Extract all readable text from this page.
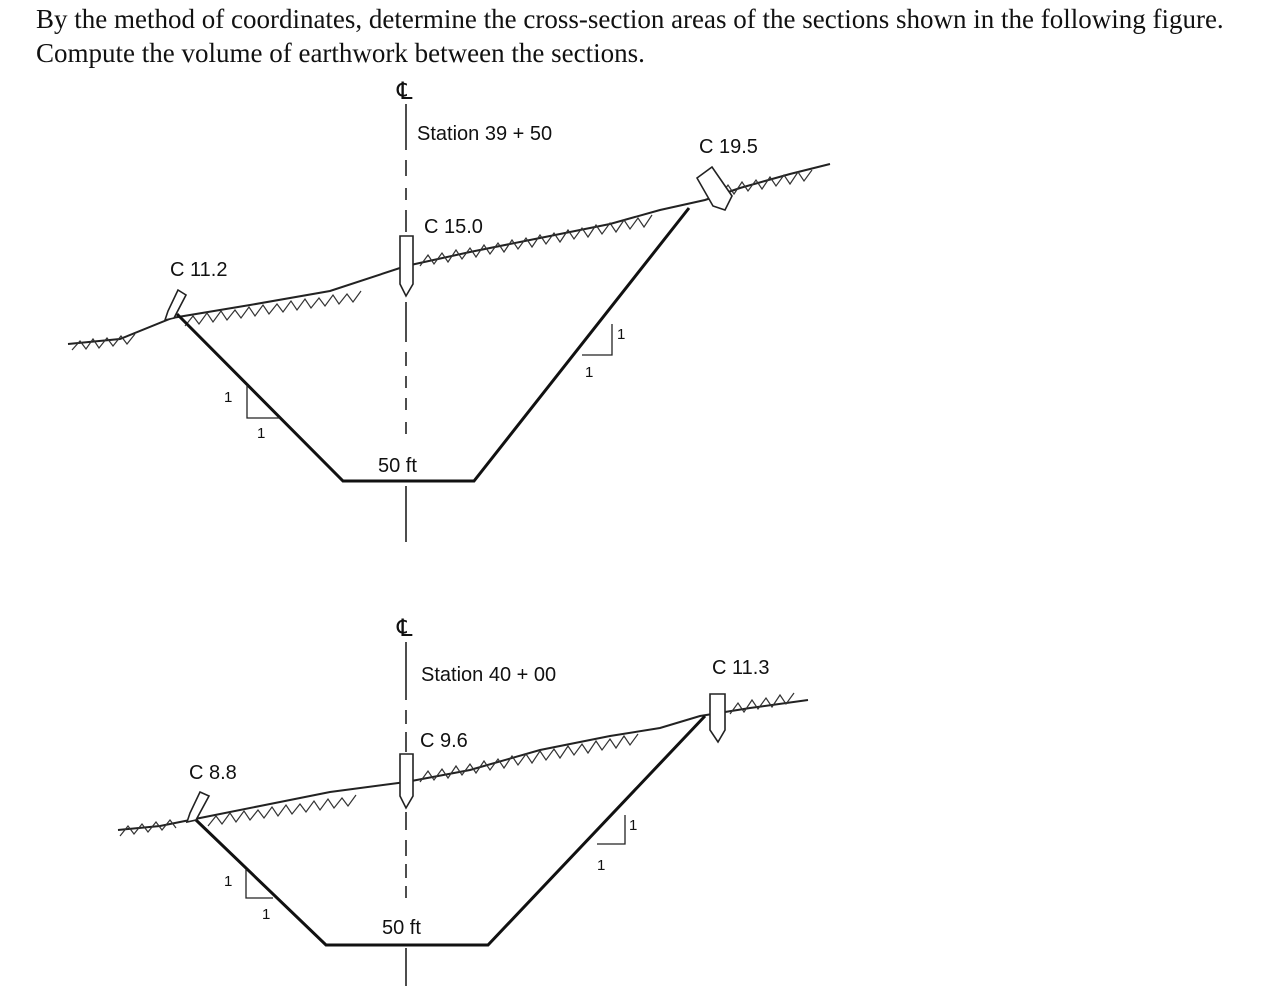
By the method of coordinates, determine the cross-section areas of the sections shown in the following figure. Compute the volume of earthwork between the sections.
℄
Station 39 + 50
C 11.2
C 15.0
C 19.5
50 ft
1
1
1
1
℄
Station 40 + 00
C 8.8
C 9.6
C 11.3
50 ft
1
1
1
1
